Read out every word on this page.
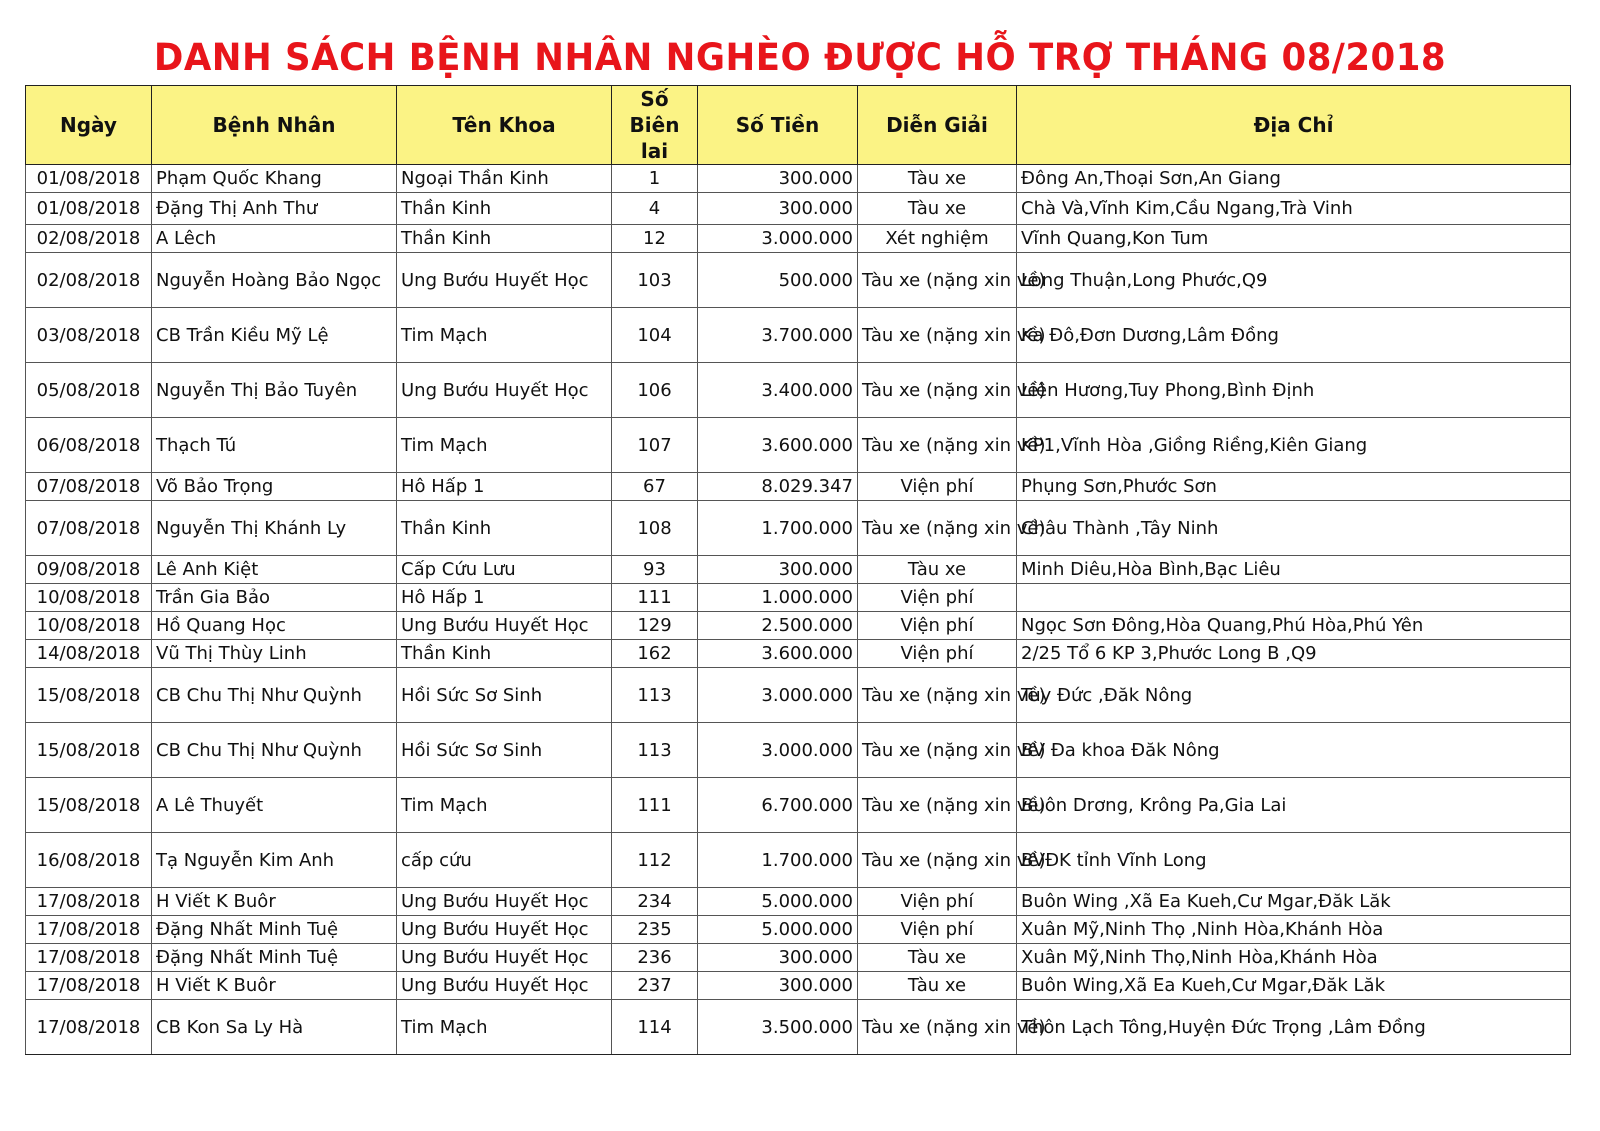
DANH SÁCH BỆNH NHÂN NGHÈO ĐƯỢC HỖ TRỢ THÁNG 08/2018
Ngày	Bệnh Nhân	Tên Khoa	Số Biên lai	Số Tiền	Diễn Giải	Địa Chỉ
01/08/2018	Phạm Quốc Khang	Ngoại Thần Kinh	1	300.000	Tàu xe	Đông An,Thoại Sơn,An Giang
01/08/2018	Đặng Thị Anh Thư	Thần Kinh	4	300.000	Tàu xe	Chà Và,Vĩnh Kim,Cầu Ngang,Trà Vinh
02/08/2018	A Lêch	Thần Kinh	12	3.000.000	Xét nghiệm	Vĩnh Quang,Kon Tum
02/08/2018	Nguyễn Hoàng Bảo Ngọc	Ung Bướu Huyết Học	103	500.000	Tàu xe (nặng xin về)	Long Thuận,Long Phước,Q9
03/08/2018	CB Trần Kiều Mỹ Lệ	Tim Mạch	104	3.700.000	Tàu xe (nặng xin về)	Ka Đô,Đơn Dương,Lâm Đồng
05/08/2018	Nguyễn Thị Bảo Tuyên	Ung Bướu Huyết Học	106	3.400.000	Tàu xe (nặng xin về)	Liên Hương,Tuy Phong,Bình Định
06/08/2018	Thạch Tú	Tim Mạch	107	3.600.000	Tàu xe (nặng xin về)	KP1,Vĩnh Hòa ,Giồng Riềng,Kiên Giang
07/08/2018	Võ Bảo Trọng	Hô Hấp 1	67	8.029.347	Viện phí	Phụng Sơn,Phước Sơn
07/08/2018	Nguyễn Thị Khánh Ly	Thần Kinh	108	1.700.000	Tàu xe (nặng xin về)	Châu Thành ,Tây Ninh
09/08/2018	Lê Anh Kiệt	Cấp Cứu Lưu	93	300.000	Tàu xe	Minh Diêu,Hòa Bình,Bạc Liêu
10/08/2018	Trần Gia Bảo	Hô Hấp 1	111	1.000.000	Viện phí	
10/08/2018	Hồ Quang Học	Ung Bướu Huyết Học	129	2.500.000	Viện phí	Ngọc Sơn Đông,Hòa Quang,Phú Hòa,Phú Yên
14/08/2018	Vũ Thị Thùy Linh	Thần Kinh	162	3.600.000	Viện phí	2/25 Tổ 6 KP 3,Phước Long B ,Q9
15/08/2018	CB Chu Thị Như Quỳnh	Hồi Sức Sơ Sinh	113	3.000.000	Tàu xe (nặng xin về)	Tuy Đức ,Đăk Nông
15/08/2018	CB Chu Thị Như Quỳnh	Hồi Sức Sơ Sinh	113	3.000.000	Tàu xe (nặng xin về)	BV Đa khoa Đăk Nông
15/08/2018	A Lê Thuyết	Tim Mạch	111	6.700.000	Tàu xe (nặng xin về)	Buôn Drơng, Krông Pa,Gia Lai
16/08/2018	Tạ Nguyễn Kim Anh	cấp cứu	112	1.700.000	Tàu xe (nặng xin về)	BVĐK tỉnh Vĩnh Long
17/08/2018	H Viết K Buôr	Ung Bướu Huyết Học	234	5.000.000	Viện phí	Buôn Wing ,Xã Ea Kueh,Cư Mgar,Đăk Lăk
17/08/2018	Đặng Nhất Minh Tuệ	Ung Bướu Huyết Học	235	5.000.000	Viện phí	Xuân Mỹ,Ninh Thọ ,Ninh Hòa,Khánh Hòa
17/08/2018	Đặng Nhất Minh Tuệ	Ung Bướu Huyết Học	236	300.000	Tàu xe	Xuân Mỹ,Ninh Thọ,Ninh Hòa,Khánh Hòa
17/08/2018	H Viết K Buôr	Ung Bướu Huyết Học	237	300.000	Tàu xe	Buôn Wing,Xã Ea Kueh,Cư Mgar,Đăk Lăk
17/08/2018	CB Kon Sa Ly Hà	Tim Mạch	114	3.500.000	Tàu xe (nặng xin về)	Thôn Lạch Tông,Huyện Đức Trọng ,Lâm Đồng
